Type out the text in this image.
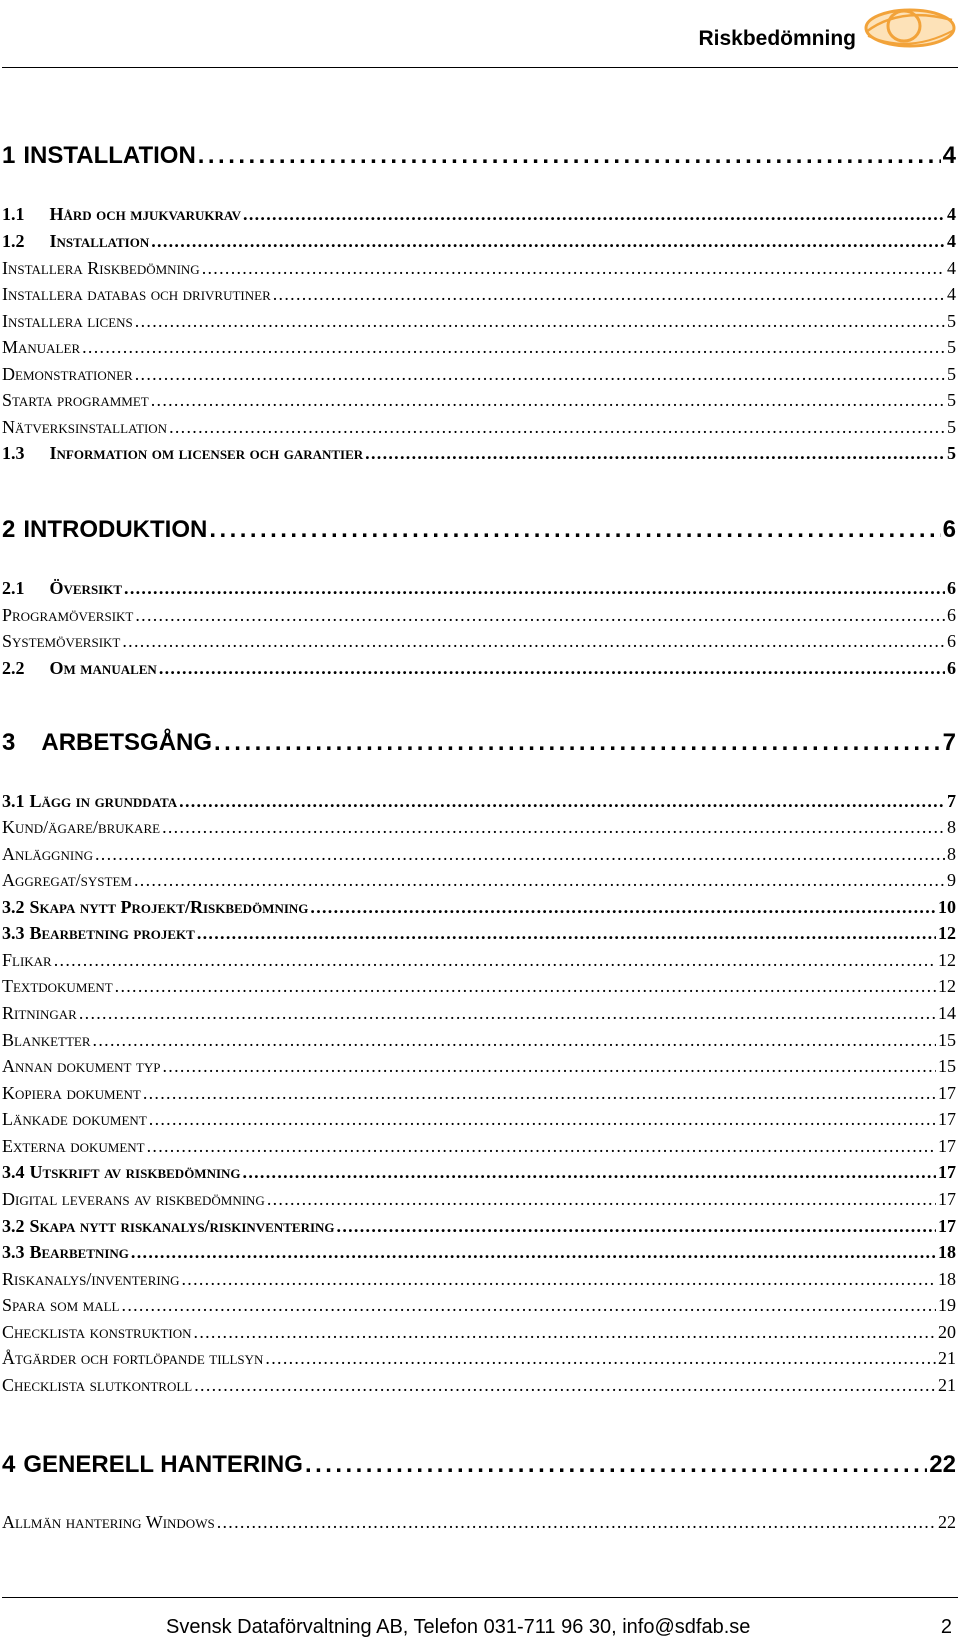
Riskbedömning
1 INSTALLATION . . .	4
1.1 Hård och mjukvarukrav . . .	4
1.2 Installation . . .	4
Installera Riskbedömning . . .	4
Installera databas och drivrutiner . . .	4
Installera licens . . .	5
Manualer . . .	5
Demonstrationer . . .	5
Starta programmet . . .	5
Nätverksinstallation . . .	5
1.3 Information om licenser och garantier . . .	5
2 INTRODUKTION . . .	6
2.1 Översikt . . .	6
Programöversikt . . .	6
Systemöversikt . . .	6
2.2 Om manualen . . .	6
3 ARBETSGÅNG . . .	7
3.1 Lägg in grunddata . . .	7
Kund/ägare/brukare . . .	8
Anläggning . . .	8
Aggregat/system . . .	9
3.2 Skapa nytt Projekt/Riskbedömning . . .	10
3.3 Bearbetning projekt . . .	12
Flikar . . .	12
Textdokument . . .	12
Ritningar . . .	14
Blanketter . . .	15
Annan dokument typ . . .	15
Kopiera dokument . . .	17
Länkade dokument . . .	17
Externa dokument . . .	17
3.4 Utskrift av riskbedömning . . .	17
Digital leverans av riskbedömning . . .	17
3.2 Skapa nytt riskanalys/riskinventering . . .	17
3.3 Bearbetning . . .	18
Riskanalys/inventering . . .	18
Spara som mall . . .	19
Checklista konstruktion . . .	20
Åtgärder och fortlöpande tillsyn . . .	21
Checklista slutkontroll . . .	21
4 GENERELL HANTERING . . .	22
Allmän hantering Windows . . .	22
Svensk Dataförvaltning AB, Telefon 031-711 96 30, info@sdfab.se	2
